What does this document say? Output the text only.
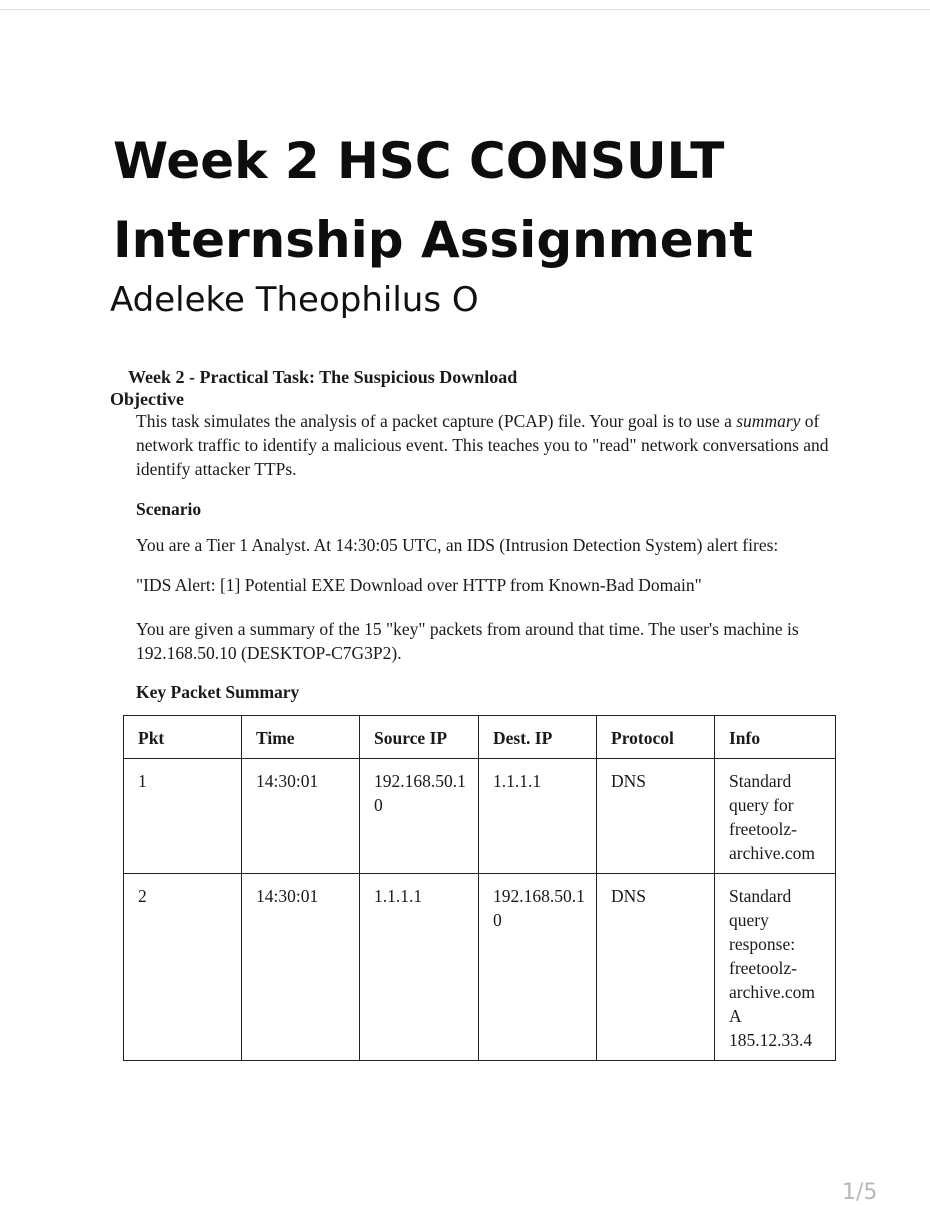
Week 2 HSC CONSULT
Internship Assignment
Adeleke Theophilus O
Week 2 - Practical Task: The Suspicious Download
Objective
This task simulates the analysis of a packet capture (PCAP) file. Your goal is to use a summary of network traffic to identify a malicious event. This teaches you to "read" network conversations and identify attacker TTPs.
Scenario
You are a Tier 1 Analyst. At 14:30:05 UTC, an IDS (Intrusion Detection System) alert fires:
"IDS Alert: [1] Potential EXE Download over HTTP from Known-Bad Domain"
You are given a summary of the 15 "key" packets from around that time. The user's machine is 192.168.50.10 (DESKTOP-C7G3P2).
Key Packet Summary
Pkt	Time	Source IP	Dest. IP	Protocol	Info
1	14:30:01	192.168.50.10	1.1.1.1	DNS	Standard query for freetoolz-archive.com
2	14:30:01	1.1.1.1	192.168.50.10	DNS	Standard query response: freetoolz-archive.com A 185.12.33.4
1/5
